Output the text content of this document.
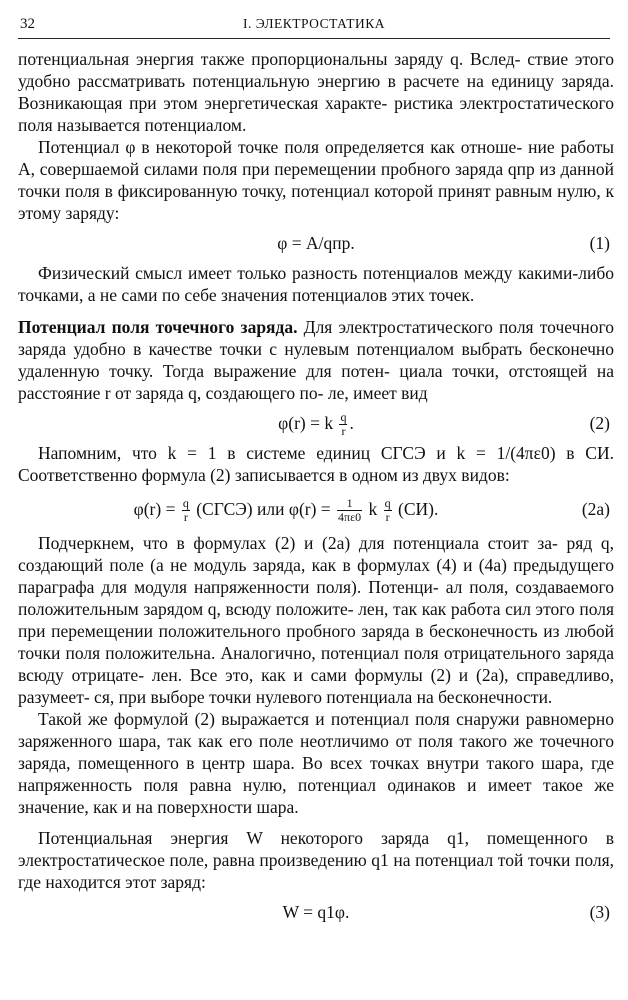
32	I. ЭЛЕКТРОСТАТИКА

потенциальная энергия также пропорциональны заряду q. Вслед- ствие этого удобно рассматривать потенциальную энергию в расчете на единицу заряда. Возникающая при этом энергетическая характе- ристика электростатического поля называется потенциалом.

Потенциал φ в некоторой точке поля определяется как отноше- ние работы A, совершаемой силами поля при перемещении пробного заряда qпр из данной точки поля в фиксированную точку, потенциал которой принят равным нулю, к этому заряду:

φ = A/qпр.	(1)

Физический смысл имеет только разность потенциалов между какими-либо точками, а не сами по себе значения потенциалов этих точек.

Потенциал поля точечного заряда. Для электростатического поля точечного заряда удобно в качестве точки с нулевым потенциалом выбрать бесконечно удаленную точку. Тогда выражение для потен- циала точки, отстоящей на расстояние r от заряда q, создающего по- ле, имеет вид

φ(r) = k $\frac{q}{r}$ .	(2)

Напомним, что k = 1 в системе единиц СГСЭ и k = 1/(4πε0) в СИ. Соответственно формула (2) записывается в одном из двух видов:

$\varphi(r) = \frac{q}{r}$ (СГСЭ) или $\varphi(r) = \frac{1}{4\pi\varepsilon 0}$ k $\frac{q}{r} (СИ)$.	(2а)

Подчеркнем, что в формулах (2) и (2а) для потенциала стоит за- ряд q, создающий поле (а не модуль заряда, как в формулах (4) и (4а) предыдущего параграфа для модуля напряженности поля). Потенци- ал поля, создаваемого положительным зарядом q, всюду положите- лен, так как работа сил этого поля при перемещении положительного пробного заряда в бесконечность из любой точки поля положительна. Аналогично, потенциал поля отрицательного заряда всюду отрицате- лен. Все это, как и сами формулы (2) и (2а), справедливо, разумеет- ся, при выборе точки нулевого потенциала на бесконечности.

Такой же формулой (2) выражается и потенциал поля снаружи равномерно заряженного шара, так как его поле неотличимо от поля такого же точечного заряда, помещенного в центр шара. Во всех точках внутри такого шара, где напряженность поля равна нулю, потенциал одинаков и имеет такое же значение, как и на поверхности шара.

Потенциальная энергия W некоторого заряда q1, помещенного в электростатическое поле, равна произведению q1 на потенциал той точки поля, где находится этот заряд:

W = q1φ.	(3)
